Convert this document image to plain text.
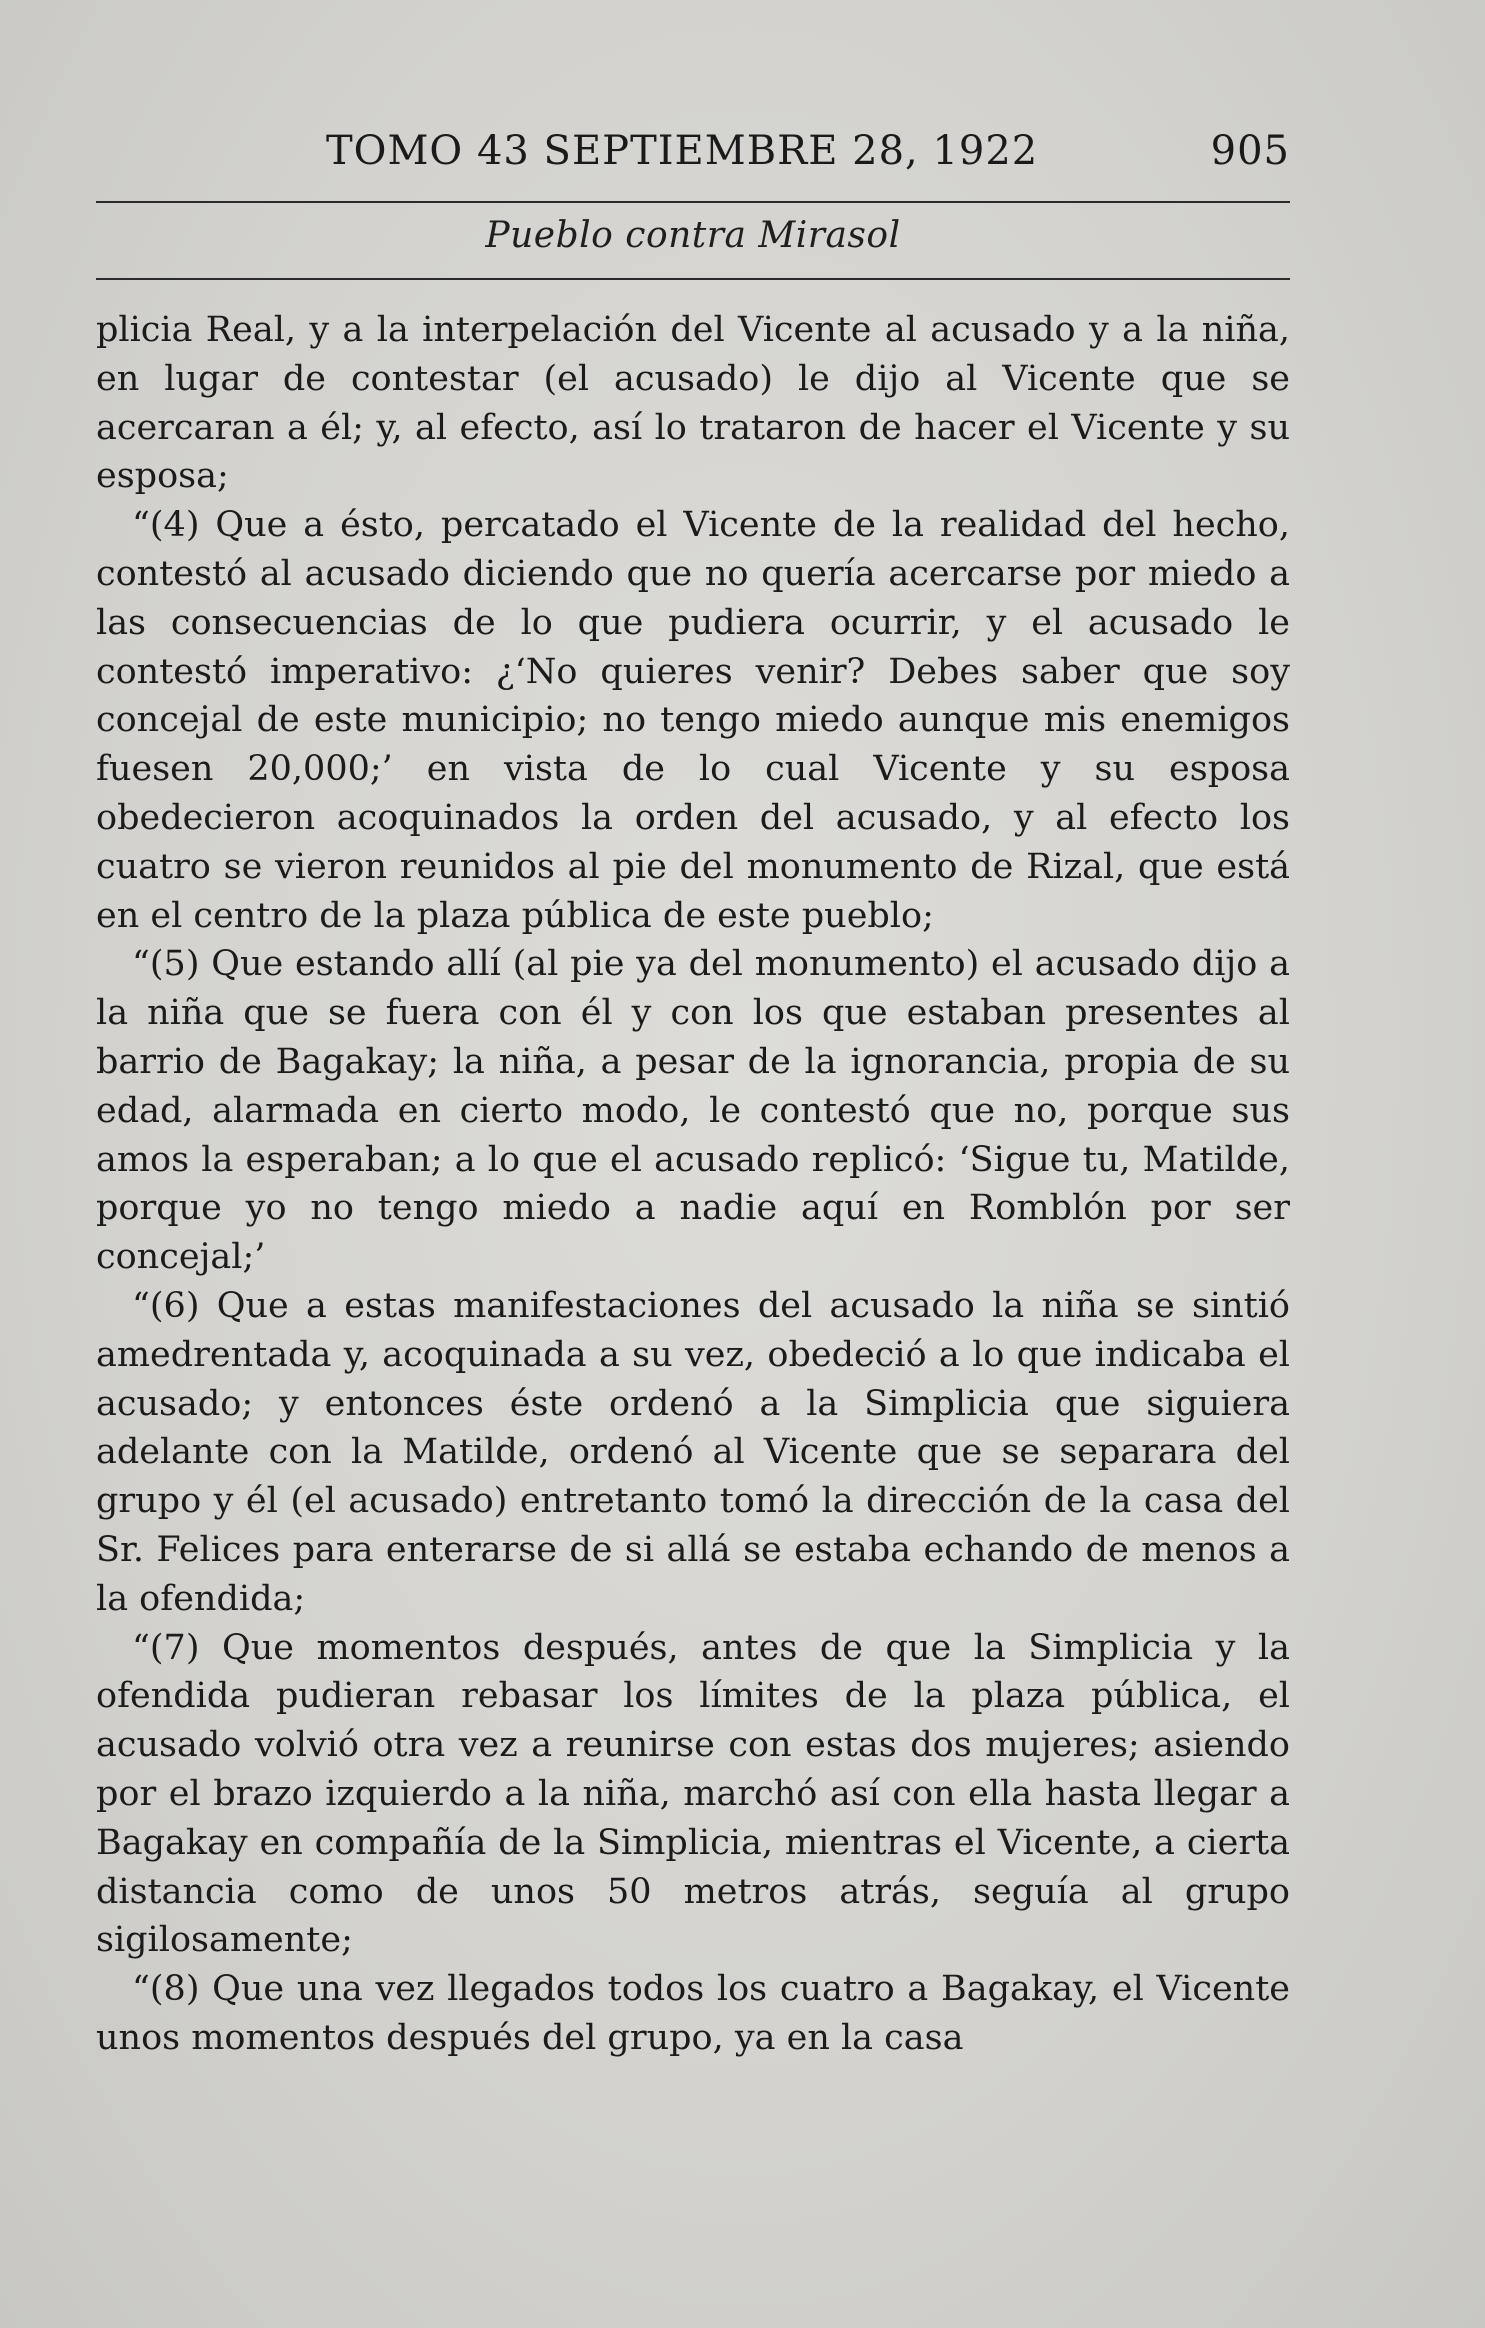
TOMO 43 SEPTIEMBRE 28, 1922	905
Pueblo contra Mirasol

plicia Real, y a la interpelación del Vicente al acusado y a la niña, en lugar de contestar (el acusado) le dijo al Vicente que se acercaran a él; y, al efecto, así lo trataron de hacer el Vicente y su esposa;

“(4) Que a ésto, percatado el Vicente de la realidad del hecho, contestó al acusado diciendo que no quería acercarse por miedo a las consecuencias de lo que pudiera ocurrir, y el acusado le contestó imperativo: ¿‘No quieres venir? Debes saber que soy concejal de este municipio; no tengo miedo aunque mis enemigos fuesen 20,000;’ en vista de lo cual Vicente y su esposa obedecieron acoquinados la orden del acusado, y al efecto los cuatro se vieron reunidos al pie del monumento de Rizal, que está en el centro de la plaza pública de este pueblo;

“(5) Que estando allí (al pie ya del monumento) el acusado dijo a la niña que se fuera con él y con los que estaban presentes al barrio de Bagakay; la niña, a pesar de la ignorancia, propia de su edad, alarmada en cierto modo, le contestó que no, porque sus amos la esperaban; a lo que el acusado replicó: ‘Sigue tu, Matilde, porque yo no tengo miedo a nadie aquí en Romblón por ser concejal;’

“(6) Que a estas manifestaciones del acusado la niña se sintió amedrentada y, acoquinada a su vez, obedeció a lo que indicaba el acusado; y entonces éste ordenó a la Simplicia que siguiera adelante con la Matilde, ordenó al Vicente que se separara del grupo y él (el acusado) entretanto tomó la dirección de la casa del Sr. Felices para enterarse de si allá se estaba echando de menos a la ofendida;

“(7) Que momentos después, antes de que la Simplicia y la ofendida pudieran rebasar los límites de la plaza pública, el acusado volvió otra vez a reunirse con estas dos mujeres; asiendo por el brazo izquierdo a la niña, marchó así con ella hasta llegar a Bagakay en compañía de la Simplicia, mientras el Vicente, a cierta distancia como de unos 50 metros atrás, seguía al grupo sigilosamente;

“(8) Que una vez llegados todos los cuatro a Bagakay, el Vicente unos momentos después del grupo, ya en la casa
